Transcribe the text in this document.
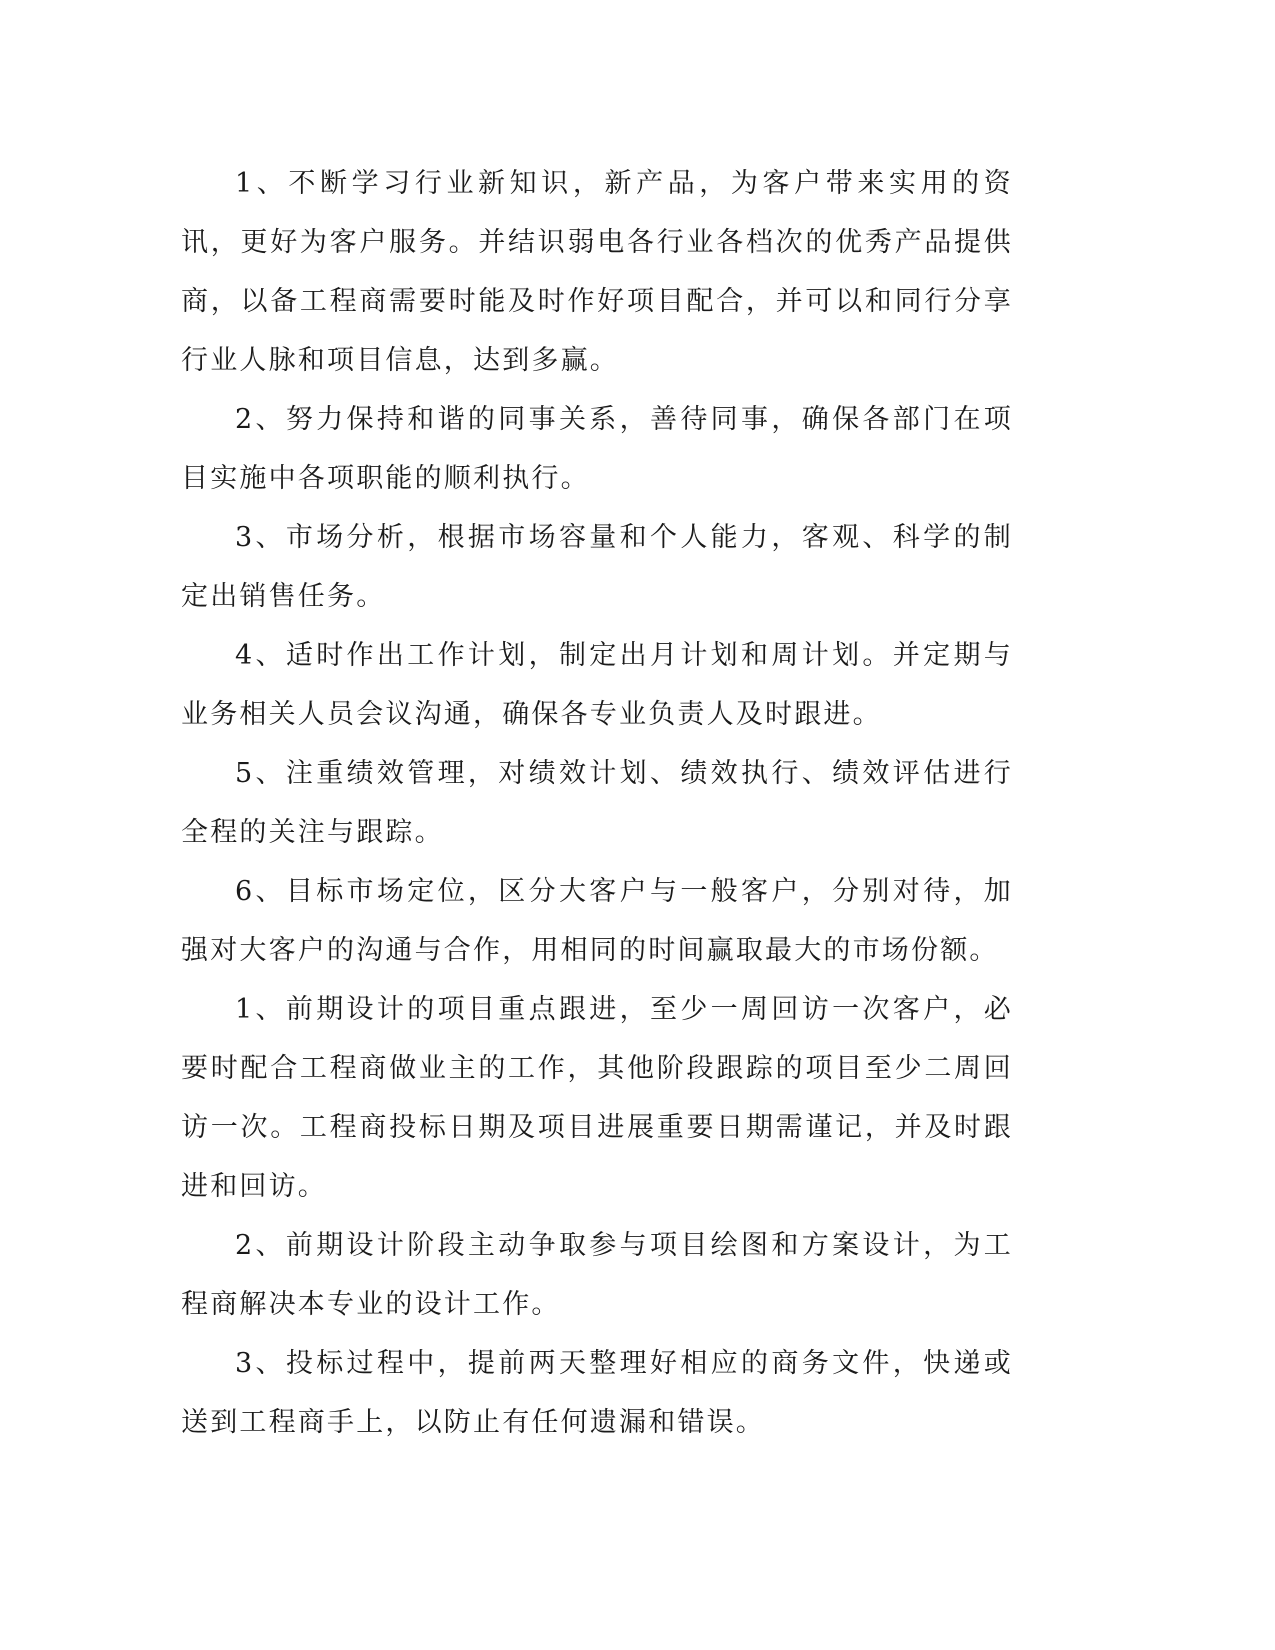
1、不断学习行业新知识，新产品，为客户带来实用的资讯，更好为客户服务。并结识弱电各行业各档次的优秀产品提供商，以备工程商需要时能及时作好项目配合，并可以和同行分享行业人脉和项目信息，达到多赢。

2、努力保持和谐的同事关系，善待同事，确保各部门在项目实施中各项职能的顺利执行。

3、市场分析，根据市场容量和个人能力，客观、科学的制定出销售任务。

4、适时作出工作计划，制定出月计划和周计划。并定期与业务相关人员会议沟通，确保各专业负责人及时跟进。

5、注重绩效管理，对绩效计划、绩效执行、绩效评估进行全程的关注与跟踪。

6、目标市场定位，区分大客户与一般客户，分别对待，加强对大客户的沟通与合作，用相同的时间赢取最大的市场份额。

1、前期设计的项目重点跟进，至少一周回访一次客户，必要时配合工程商做业主的工作，其他阶段跟踪的项目至少二周回访一次。工程商投标日期及项目进展重要日期需谨记，并及时跟进和回访。

2、前期设计阶段主动争取参与项目绘图和方案设计，为工程商解决本专业的设计工作。

3、投标过程中，提前两天整理好相应的商务文件，快递或送到工程商手上，以防止有任何遗漏和错误。
